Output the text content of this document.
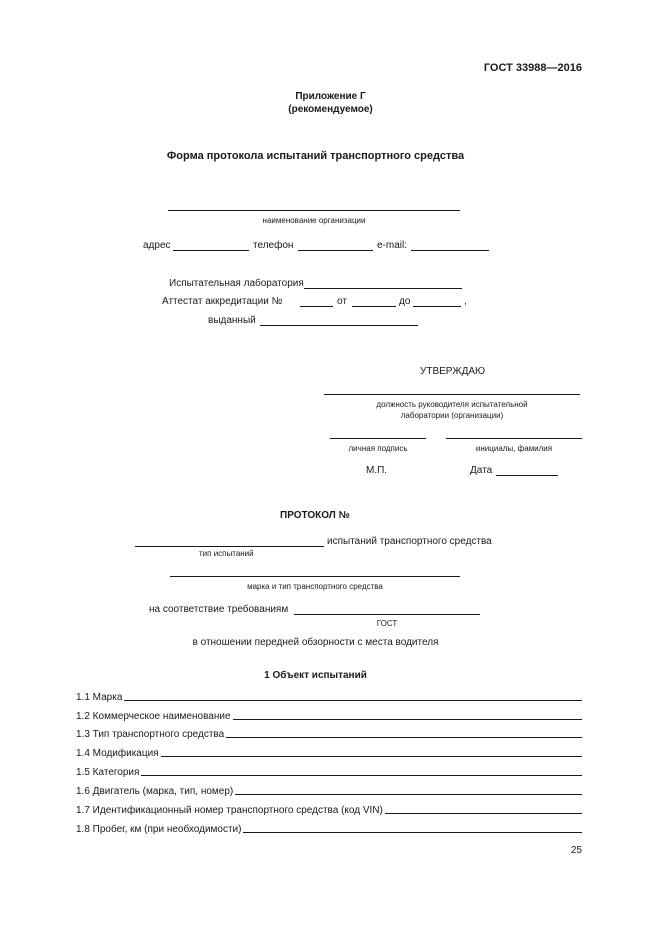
ГОСТ 33988—2016
Приложение Г
(рекомендуемое)
Форма протокола испытаний транспортного средства
наименование организации
адрес	телефон	e-mail:
Испытательная лаборатория
Аттестат аккредитации №	от	до	,
выданный
УТВЕРЖДАЮ
должность руководителя испытательной
лаборатории (организации)
личная подпись	инициалы, фамилия
М.П.	Дата
ПРОТОКОЛ №
испытаний транспортного средства
тип испытаний
марка и тип транспортного средства
на соответствие требованиям
ГОСТ
в отношении передней обзорности с места водителя
1 Объект испытаний
1.1 Марка
1.2 Коммерческое наименование
1.3 Тип транспортного средства
1.4 Модификация
1.5 Категория
1.6 Двигатель (марка, тип, номер)
1.7 Идентификационный номер транспортного средства (код VIN)
1.8 Пробег, км (при необходимости)
25
